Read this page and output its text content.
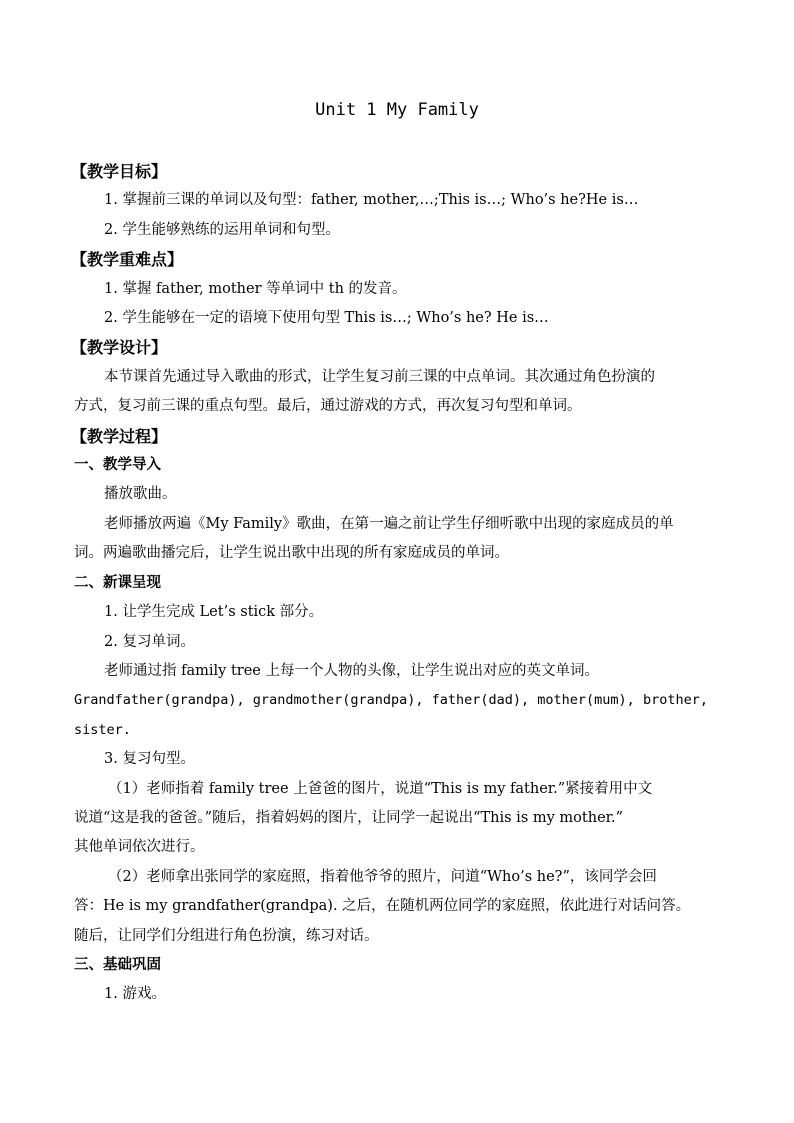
Unit 1 My Family
【教学目标】
1. 掌握前三课的单词以及句型：father, mother,…;This is…; Who’s he?He is…
2. 学生能够熟练的运用单词和句型。
【教学重难点】
1. 掌握 father, mother 等单词中 th 的发音。
2. 学生能够在一定的语境下使用句型 This is…; Who’s he? He is…
【教学设计】
本节课首先通过导入歌曲的形式，让学生复习前三课的中点单词。其次通过角色扮演的
方式，复习前三课的重点句型。最后，通过游戏的方式，再次复习句型和单词。
【教学过程】
一、教学导入
播放歌曲。
老师播放两遍《My Family》歌曲，在第一遍之前让学生仔细听歌中出现的家庭成员的单
词。两遍歌曲播完后，让学生说出歌中出现的所有家庭成员的单词。
二、新课呈现
1. 让学生完成 Let’s stick 部分。
2. 复习单词。
老师通过指 family tree 上每一个人物的头像，让学生说出对应的英文单词。
Grandfather(grandpa), grandmother(grandpa), father(dad), mother(mum), brother,
sister.
3. 复习句型。
（1）老师指着 family tree 上爸爸的图片，说道“This is my father.”紧接着用中文
说道“这是我的爸爸。”随后，指着妈妈的图片，让同学一起说出“This is my mother.”
其他单词依次进行。
（2）老师拿出张同学的家庭照，指着他爷爷的照片，问道“Who’s he?”，该同学会回
答：He is my grandfather(grandpa). 之后，在随机两位同学的家庭照，依此进行对话问答。
随后，让同学们分组进行角色扮演，练习对话。
三、基础巩固
1. 游戏。
